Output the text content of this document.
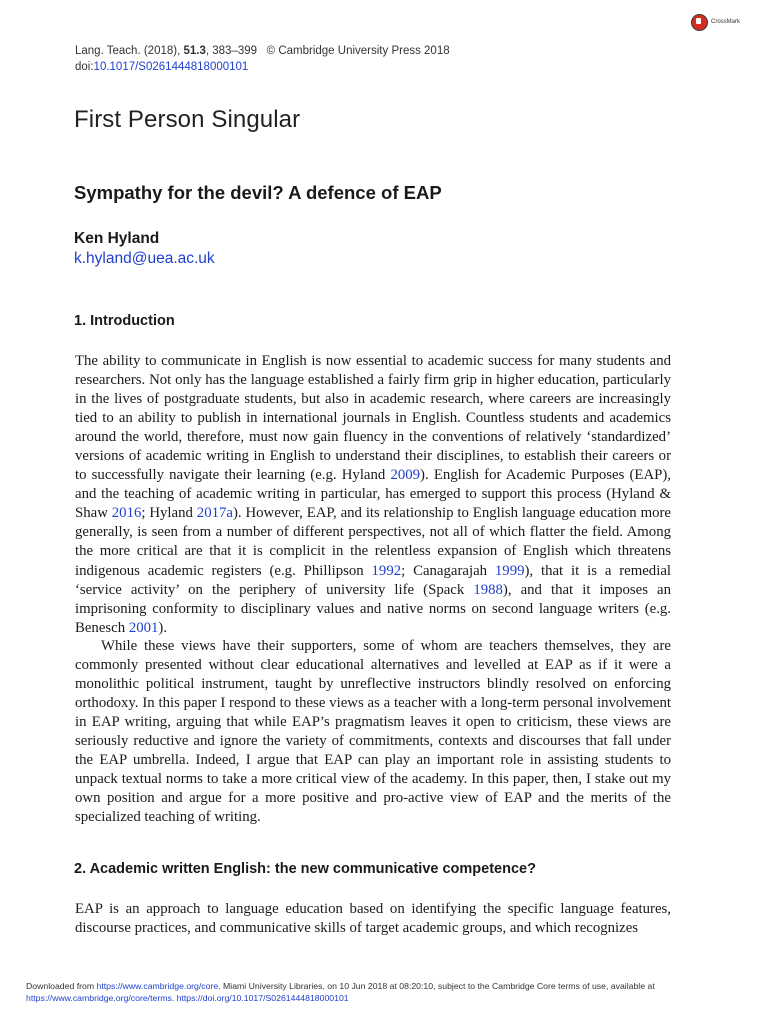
CrossMark
Lang. Teach. (2018), 51.3, 383–399 © Cambridge University Press 2018
doi:10.1017/S0261444818000101
First Person Singular
Sympathy for the devil? A defence of EAP
Ken Hyland
k.hyland@uea.ac.uk
1. Introduction

The ability to communicate in English is now essential to academic success for many students and researchers. Not only has the language established a fairly firm grip in higher education, particularly in the lives of postgraduate students, but also in academic research, where careers are increasingly tied to an ability to publish in international journals in English. Countless students and academics around the world, therefore, must now gain fluency in the conventions of relatively ‘standardized’ versions of academic writing in English to understand their disciplines, to establish their careers or to successfully navigate their learning (e.g. Hyland 2009). English for Academic Purposes (EAP), and the teaching of academic writing in particular, has emerged to support this process (Hyland & Shaw 2016; Hyland 2017a). However, EAP, and its relationship to English language education more generally, is seen from a number of different perspectives, not all of which flatter the field. Among the more critical are that it is complicit in the relentless expansion of English which threatens indigenous academic registers (e.g. Phillipson 1992; Canagarajah 1999), that it is a remedial ‘service activity’ on the periphery of university life (Spack 1988), and that it imposes an imprisoning conformity to disciplinary values and native norms on second language writers (e.g. Benesch 2001).

While these views have their supporters, some of whom are teachers themselves, they are commonly presented without clear educational alternatives and levelled at EAP as if it were a monolithic political instrument, taught by unreflective instructors blindly resolved on enforcing orthodoxy. In this paper I respond to these views as a teacher with a long-term personal involvement in EAP writing, arguing that while EAP’s pragmatism leaves it open to criticism, these views are seriously reductive and ignore the variety of commitments, contexts and discourses that fall under the EAP umbrella. Indeed, I argue that EAP can play an important role in assisting students to unpack textual norms to take a more critical view of the academy. In this paper, then, I stake out my own position and argue for a more positive and pro-active view of EAP and the merits of the specialized teaching of writing.

2. Academic written English: the new communicative competence?

EAP is an approach to language education based on identifying the specific language features, discourse practices, and communicative skills of target academic groups, and which recognizes

Downloaded from https://www.cambridge.org/core. Miami University Libraries, on 10 Jun 2018 at 08:20:10, subject to the Cambridge Core terms of use, available at
https://www.cambridge.org/core/terms. https://doi.org/10.1017/S0261444818000101
